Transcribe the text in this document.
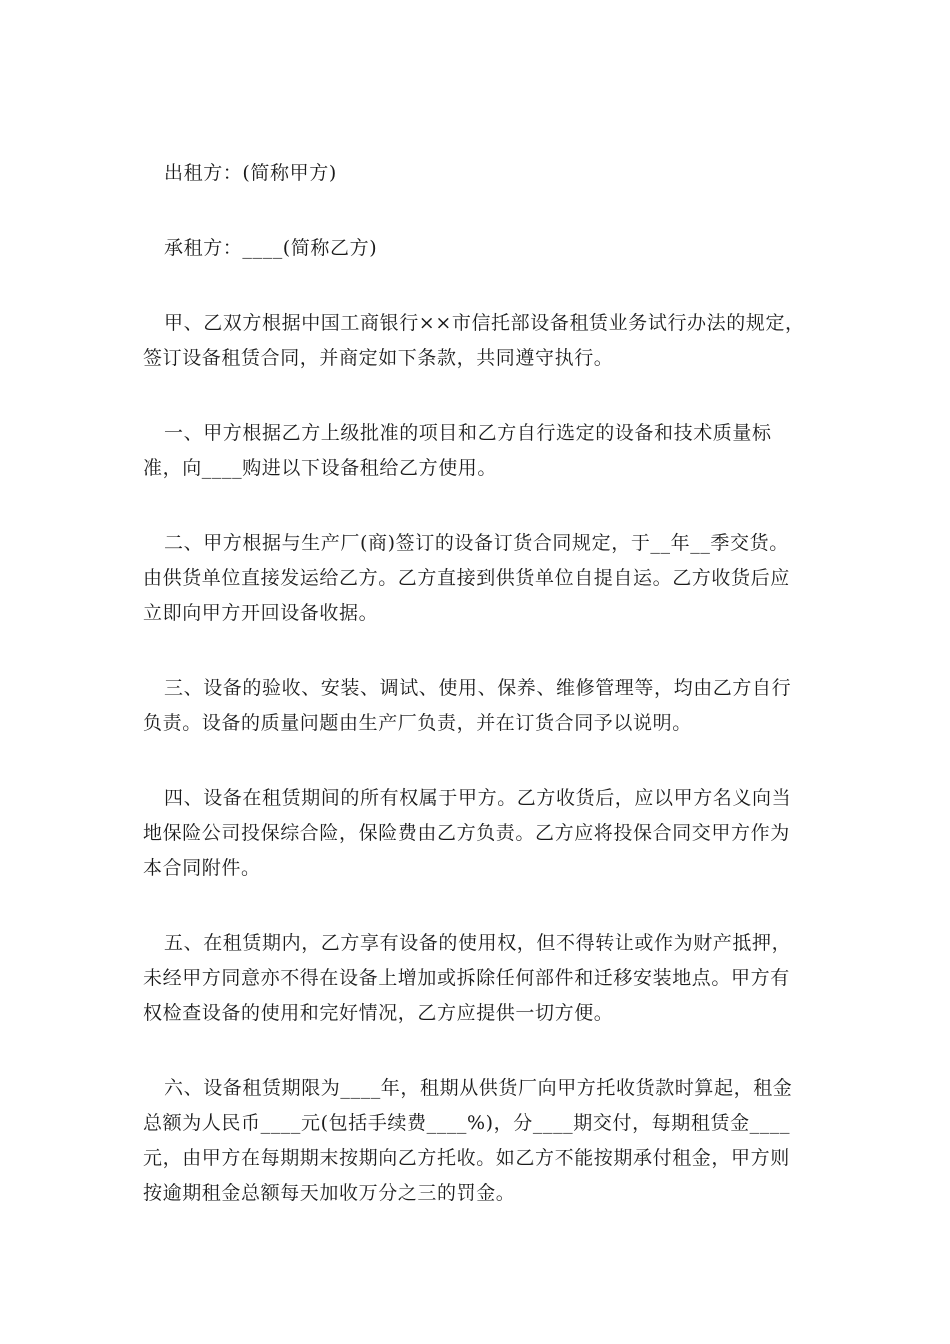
出租方：(简称甲方)

承租方：____(简称乙方)

甲、乙双方根据中国工商银行××市信托部设备租赁业务试行办法的规定，签订设备租赁合同，并商定如下条款，共同遵守执行。

一、甲方根据乙方上级批准的项目和乙方自行选定的设备和技术质量标准，向____购进以下设备租给乙方使用。

二、甲方根据与生产厂(商)签订的设备订货合同规定，于__年__季交货。由供货单位直接发运给乙方。乙方直接到供货单位自提自运。乙方收货后应立即向甲方开回设备收据。

三、设备的验收、安装、调试、使用、保养、维修管理等，均由乙方自行负责。设备的质量问题由生产厂负责，并在订货合同予以说明。

四、设备在租赁期间的所有权属于甲方。乙方收货后，应以甲方名义向当地保险公司投保综合险，保险费由乙方负责。乙方应将投保合同交甲方作为本合同附件。

五、在租赁期内，乙方享有设备的使用权，但不得转让或作为财产抵押，未经甲方同意亦不得在设备上增加或拆除任何部件和迁移安装地点。甲方有权检查设备的使用和完好情况，乙方应提供一切方便。

六、设备租赁期限为____年，租期从供货厂向甲方托收货款时算起，租金总额为人民币____元(包括手续费____%)，分____期交付，每期租赁金____元，由甲方在每期期末按期向乙方托收。如乙方不能按期承付租金，甲方则按逾期租金总额每天加收万分之三的罚金。
